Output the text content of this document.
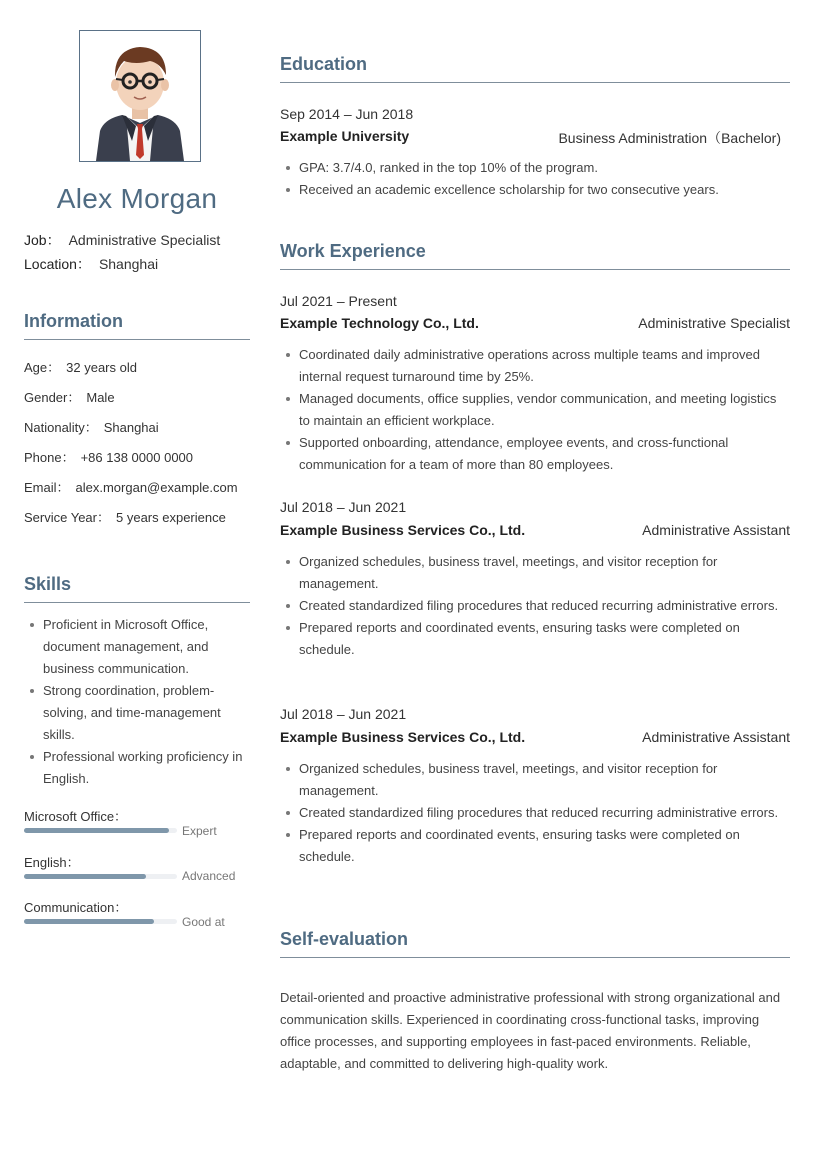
Alex Morgan
Job： Administrative Specialist
Location： Shanghai
Information
Age： 32 years old
Gender： Male
Nationality： Shanghai
Phone： +86 138 0000 0000
Email： alex.morgan@example.com
Service Year： 5 years experience
Skills
Proficient in Microsoft Office, document management, and business communication.
Strong coordination, problem-solving, and time-management skills.
Professional working proficiency in English.
Microsoft Office：
Expert
English：
Advanced
Communication：
Good at
Education
Sep 2014 – Jun 2018
Example University	Business Administration（Bachelor)
GPA: 3.7/4.0, ranked in the top 10% of the program.
Received an academic excellence scholarship for two consecutive years.
Work Experience
Jul 2021 – Present
Example Technology Co., Ltd.	Administrative Specialist
Coordinated daily administrative operations across multiple teams and improved internal request turnaround time by 25%.
Managed documents, office supplies, vendor communication, and meeting logistics to maintain an efficient workplace.
Supported onboarding, attendance, employee events, and cross-functional communication for a team of more than 80 employees.
Jul 2018 – Jun 2021
Example Business Services Co., Ltd.	Administrative Assistant
Organized schedules, business travel, meetings, and visitor reception for management.
Created standardized filing procedures that reduced recurring administrative errors.
Prepared reports and coordinated events, ensuring tasks were completed on schedule.
Jul 2018 – Jun 2021
Example Business Services Co., Ltd.	Administrative Assistant
Organized schedules, business travel, meetings, and visitor reception for management.
Created standardized filing procedures that reduced recurring administrative errors.
Prepared reports and coordinated events, ensuring tasks were completed on schedule.
Self-evaluation
Detail-oriented and proactive administrative professional with strong organizational and communication skills. Experienced in coordinating cross-functional tasks, improving office processes, and supporting employees in fast-paced environments. Reliable, adaptable, and committed to delivering high-quality work.
